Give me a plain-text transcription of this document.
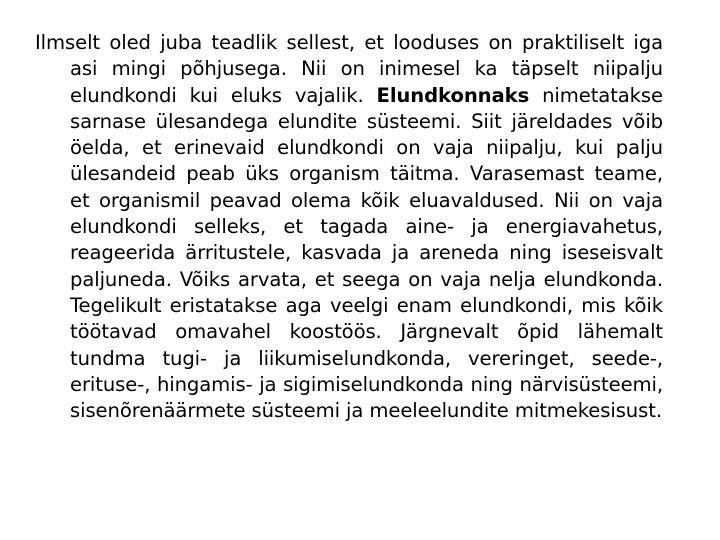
Ilmselt oled juba teadlik sellest, et looduses on praktiliselt iga asi mingi põhjusega. Nii on inimesel ka täpselt niipalju elundkondi kui eluks vajalik. Elundkonnaks nimetatakse sarnase ülesandega elundite süsteemi. Siit järeldades võib öelda, et erinevaid elundkondi on vaja niipalju, kui palju ülesandeid peab üks organism täitma. Varasemast teame, et organismil peavad olema kõik eluavaldused. Nii on vaja elundkondi selleks, et tagada aine- ja energiavahetus, reageerida ärritustele, kasvada ja areneda ning iseseisvalt paljuneda. Võiks arvata, et seega on vaja nelja elundkonda. Tegelikult eristatakse aga veelgi enam elundkondi, mis kõik töötavad omavahel koostöös. Järgnevalt õpid lähemalt tundma tugi- ja liikumiselundkonda, vereringet, seede-, erituse-, hingamis- ja sigimiselundkonda ning närvisüsteemi, sisenõrenäärmete süsteemi ja meeleelundite mitmekesisust.
